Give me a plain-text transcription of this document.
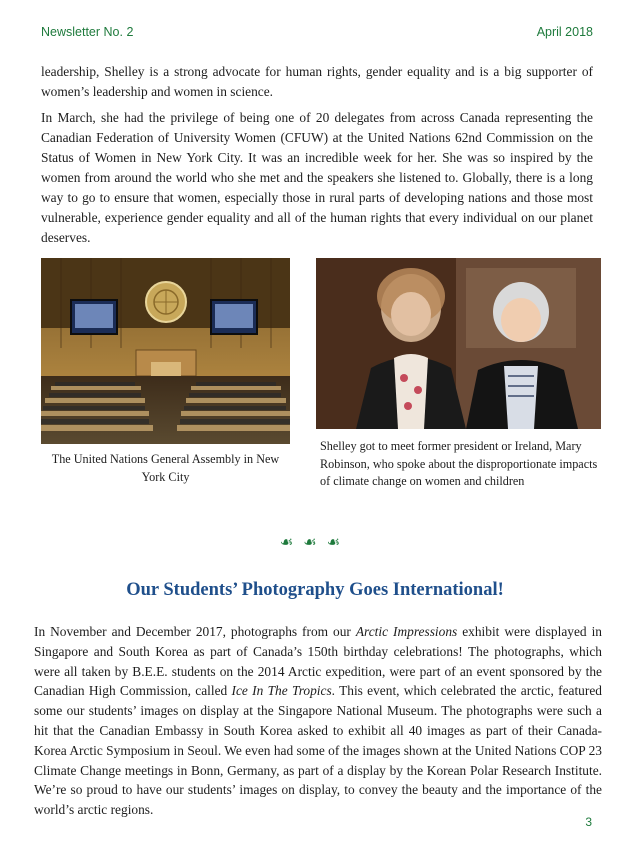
Newsletter No. 2	April 2018

leadership, Shelley is a strong advocate for human rights, gender equality and is a big supporter of women’s leadership and women in science.

In March, she had the privilege of being one of 20 delegates from across Canada representing the Canadian Federation of University Women (CFUW) at the United Nations 62nd Commission on the Status of Women in New York City. It was an incredible week for her. She was so inspired by the women from around the world who she met and the speakers she listened to. Globally, there is a long way to go to ensure that women, especially those in rural parts of developing nations and those most vulnerable, experience gender equality and all of the human rights that every individual on our planet deserves.

The United Nations General Assembly in New York City

Shelley got to meet former president or Ireland, Mary Robinson, who spoke about the disproportionate impacts of climate change on women and children

☙☙☙
Our Students’ Photography Goes International!

In November and December 2017, photographs from our Arctic Impressions exhibit were displayed in Singapore and South Korea as part of Canada’s 150th birthday celebrations! The photographs, which were all taken by B.E.E. students on the 2014 Arctic expedition, were part of an event sponsored by the Canadian High Commission, called Ice In The Tropics. This event, which celebrated the arctic, featured some our students’ images on display at the Singapore National Museum. The photographs were such a hit that the Canadian Embassy in South Korea asked to exhibit all 40 images as part of their Canada-Korea Arctic Symposium in Seoul. We even had some of the images shown at the United Nations COP 23 Climate Change meetings in Bonn, Germany, as part of a display by the Korean Polar Research Institute. We’re so proud to have our students’ images on display, to convey the beauty and the importance of the world’s arctic regions.

3
